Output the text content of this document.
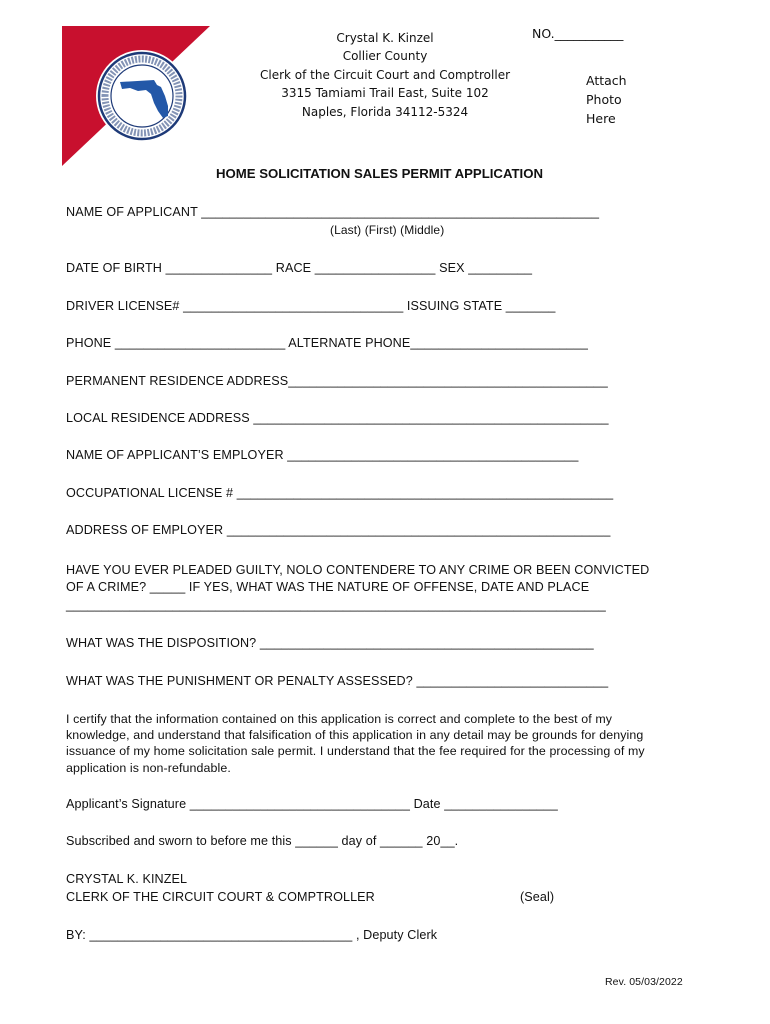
Crystal K. Kinzel
Collier County
Clerk of the Circuit Court and Comptroller
3315 Tamiami Trail East, Suite 102
Naples, Florida 34112-5324
NO.___________
Attach
Photo
Here
HOME SOLICITATION SALES PERMIT APPLICATION
NAME OF APPLICANT ________________________________________________________
(Last) (First) (Middle)
DATE OF BIRTH _______________ RACE _________________ SEX _________
DRIVER LICENSE# _______________________________ ISSUING STATE _______
PHONE ________________________ ALTERNATE PHONE_________________________
PERMANENT RESIDENCE ADDRESS_____________________________________________
LOCAL RESIDENCE ADDRESS __________________________________________________
NAME OF APPLICANT’S EMPLOYER _________________________________________
OCCUPATIONAL LICENSE # _____________________________________________________
ADDRESS OF EMPLOYER ______________________________________________________
HAVE YOU EVER PLEADED GUILTY, NOLO CONTENDERE TO ANY CRIME OR BEEN CONVICTED
OF A CRIME? _____ IF YES, WHAT WAS THE NATURE OF OFFENSE, DATE AND PLACE
____________________________________________________________________________
WHAT WAS THE DISPOSITION? _______________________________________________
WHAT WAS THE PUNISHMENT OR PENALTY ASSESSED? ___________________________
I certify that the information contained on this application is correct and complete to the best of my knowledge, and understand that falsification of this application in any detail may be grounds for denying issuance of my home solicitation sale permit. I understand that the fee required for the processing of my application is non-refundable.
Applicant’s Signature _______________________________ Date ________________
Subscribed and sworn to before me this ______ day of ______ 20__.
CRYSTAL K. KINZEL
CLERK OF THE CIRCUIT COURT & COMPTROLLER	(Seal)
BY: _____________________________________ , Deputy Clerk
Rev. 05/03/2022
